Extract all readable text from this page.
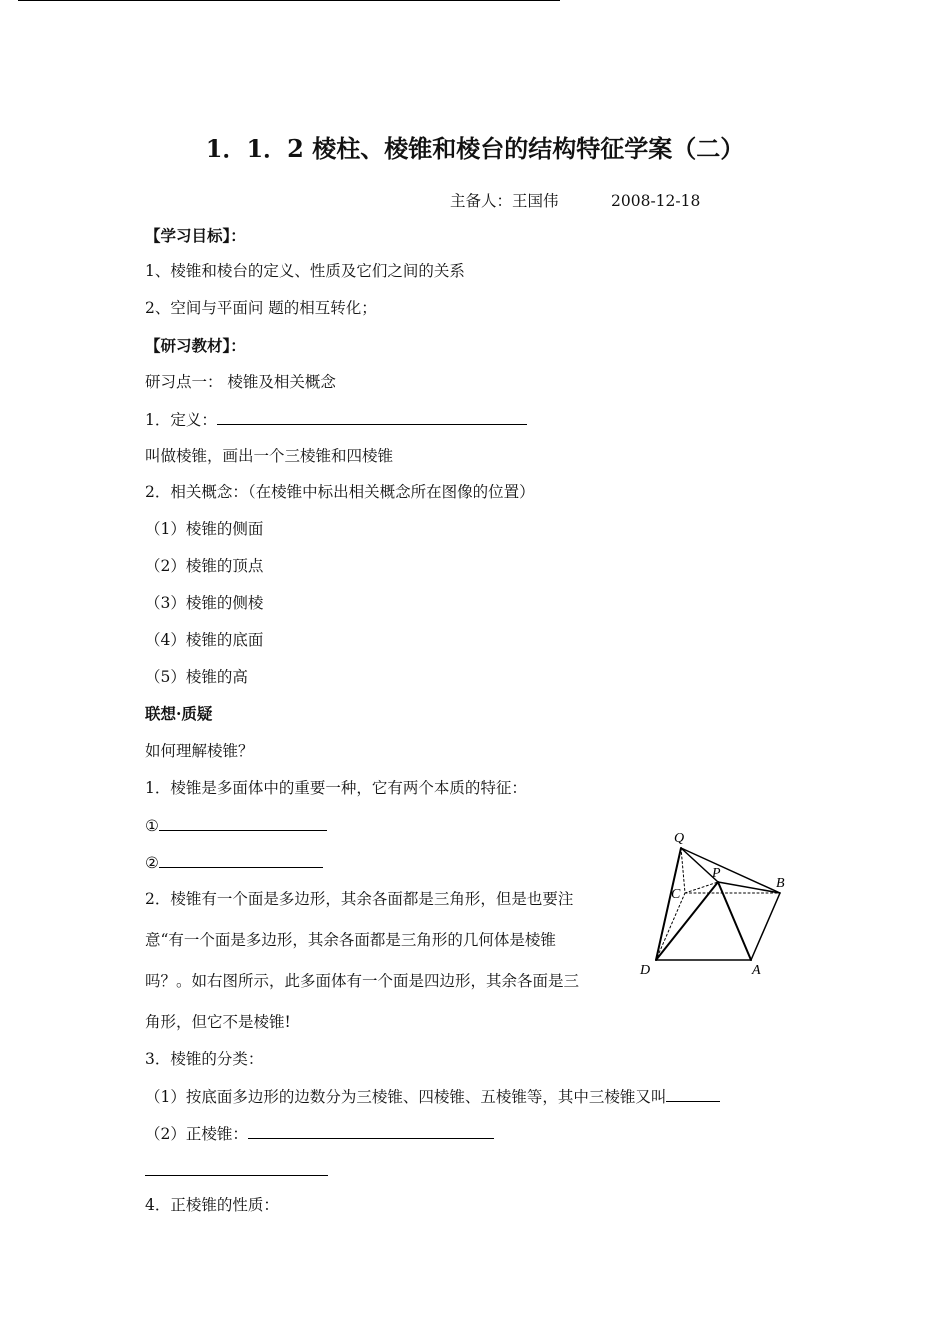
1．1．2 棱柱、棱锥和棱台的结构特征学案（二）
主备人：王国伟	2008-12-18
【学习目标】：
1、棱锥和棱台的定义、性质及它们之间的关系
2、空间与平面问 题的相互转化；
【研习教材】：
研习点一： 棱锥及相关概念
1．定义：
叫做棱锥，画出一个三棱锥和四棱锥
2．相关概念：（在棱锥中标出相关概念所在图像的位置）
（1）棱锥的侧面
（2）棱锥的顶点
（3）棱锥的侧棱
（4）棱锥的底面
（5）棱锥的高
联想·质疑
如何理解棱锥？
1．棱锥是多面体中的重要一种，它有两个本质的特征：
①
②
2．棱锥有一个面是多边形，其余各面都是三角形，但是也要注
意“有一个面是多边形，其余各面都是三角形的几何体是棱锥
吗？。如右图所示，此多面体有一个面是四边形，其余各面是三
角形，但它不是棱锥!
Q
P
C
B
D	A
3．棱锥的分类：
（1）按底面多边形的边数分为三棱锥、四棱锥、五棱锥等，其中三棱锥又叫
（2）正棱锥：
4．正棱锥的性质：
